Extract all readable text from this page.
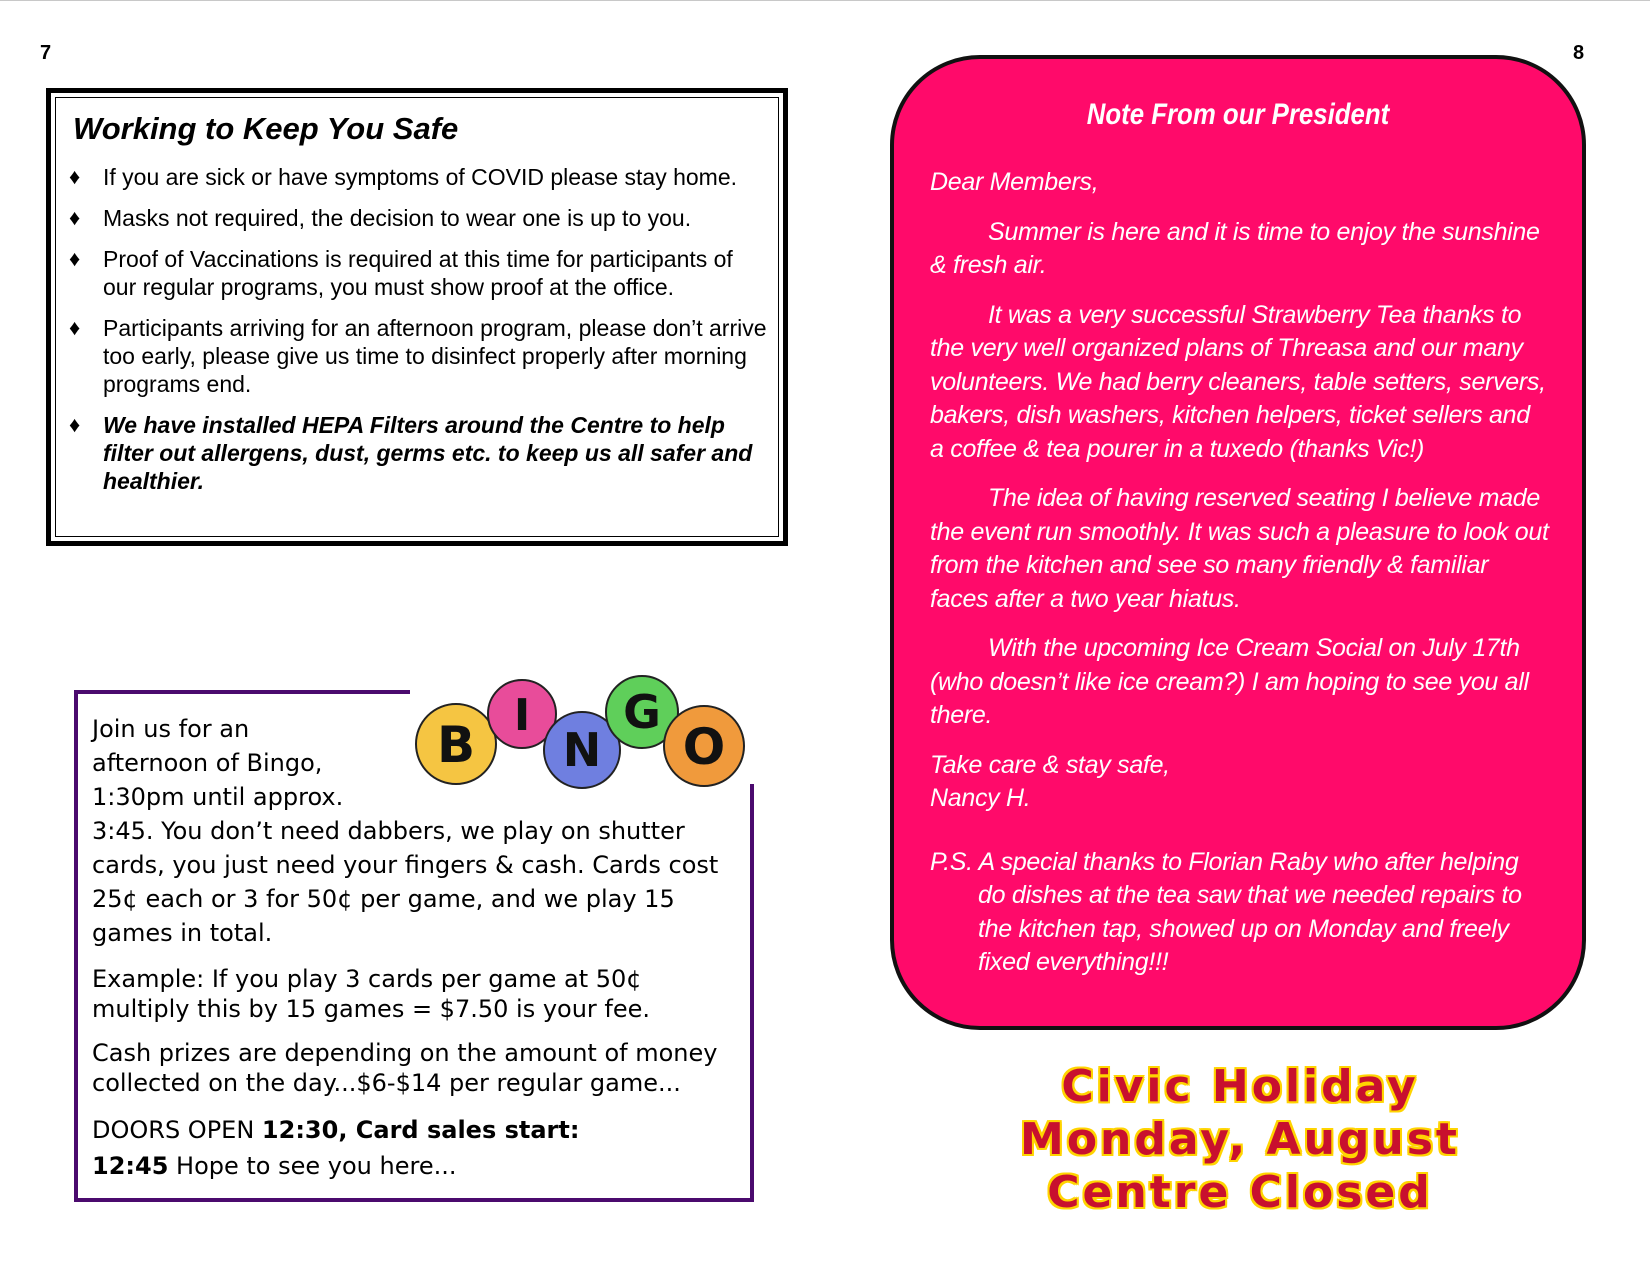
7	8
Working to Keep You Safe
♦ If you are sick or have symptoms of COVID please stay home.
♦ Masks not required, the decision to wear one is up to you.
♦ Proof of Vaccinations is required at this time for participants of our regular programs, you must show proof at the office.
♦ Participants arriving for an afternoon program, please don’t arrive too early, please give us time to disinfect properly after morning programs end.
♦ We have installed HEPA Filters around the Centre to help filter out allergens, dust, germs etc. to keep us all safer and healthier.
B
I
N
G
O
Join us for an
afternoon of Bingo,
1:30pm until approx.
3:45. You don’t need dabbers, we play on shutter cards, you just need your fingers & cash. Cards cost 25¢ each or 3 for 50¢ per game, and we play 15 games in total.
Example: If you play 3 cards per game at 50¢ multiply this by 15 games = $7.50 is your fee.
Cash prizes are depending on the amount of money collected on the day...$6-$14 per regular game...
DOORS OPEN 12:30, Card sales start:
12:45 Hope to see you here...
Note From our President

Dear Members,

Summer is here and it is time to enjoy the sunshine & fresh air.

It was a very successful Strawberry Tea thanks to the very well organized plans of Threasa and our many volunteers. We had berry cleaners, table setters, servers, bakers, dish washers, kitchen helpers, ticket sellers and a coffee & tea pourer in a tuxedo (thanks Vic!)

The idea of having reserved seating I believe made the event run smoothly. It was such a pleasure to look out from the kitchen and see so many friendly & familiar faces after a two year hiatus.

With the upcoming Ice Cream Social on July 17th (who doesn’t like ice cream?) I am hoping to see you all there.

Take care & stay safe,
Nancy H.

P.S. A special thanks to Florian Raby who after helping do dishes at the tea saw that we needed repairs to the kitchen tap, showed up on Monday and freely fixed everything!!!

Civic Holiday
Monday, August
Centre Closed
